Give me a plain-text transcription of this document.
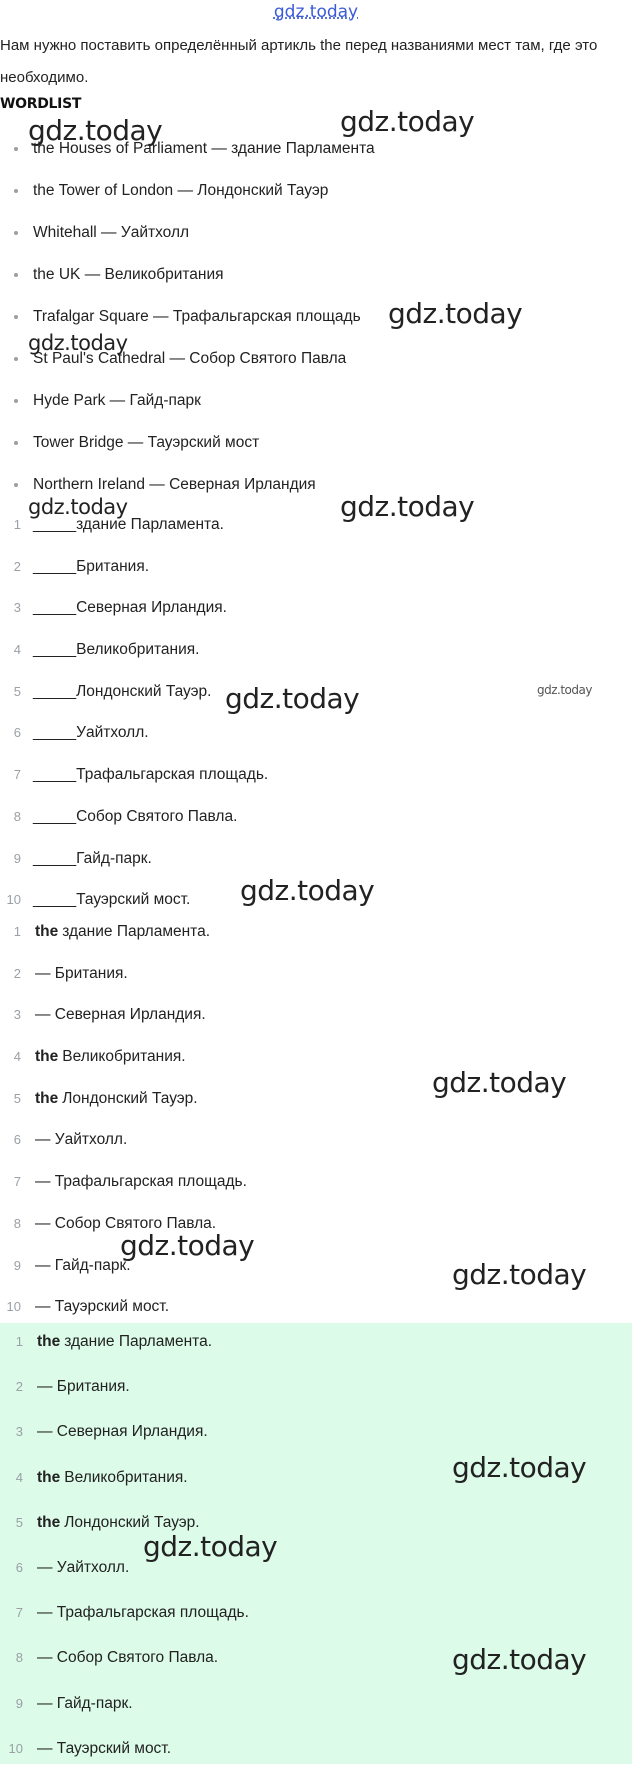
gdz.today
Нам нужно поставить определённый артикль the перед названиями мест там, где это необходимо.
WORDLIST
the Houses of Parliament — здание Парламента
the Tower of London — Лондонский Тауэр
Whitehall — Уайтхолл
the UK — Великобритания
Trafalgar Square — Трафальгарская площадь
St Paul's Cathedral — Собор Святого Павла
Hyde Park — Гайд-парк
Tower Bridge — Тауэрский мост
Northern Ireland — Северная Ирландия
1 _____здание Парламента.
2 _____Британия.
3 _____Северная Ирландия.
4 _____Великобритания.
5 _____Лондонский Тауэр.
6 _____Уайтхолл.
7 _____Трафальгарская площадь.
8 _____Собор Святого Павла.
9 _____Гайд-парк.
10 _____Тауэрский мост.
1 the здание Парламента.
2 — Британия.
3 — Северная Ирландия.
4 the Великобритания.
5 the Лондонский Тауэр.
6 — Уайтхолл.
7 — Трафальгарская площадь.
8 — Собор Святого Павла.
9 — Гайд-парк.
10 — Тауэрский мост.
1 the здание Парламента.
2 — Британия.
3 — Северная Ирландия.
4 the Великобритания.
5 the Лондонский Тауэр.
6 — Уайтхолл.
7 — Трафальгарская площадь.
8 — Собор Святого Павла.
9 — Гайд-парк.
10 — Тауэрский мост.
gdz.today	gdz.today
gdz.today
gdz.today
gdz.today	gdz.today
gdz.today	gdz.today
gdz.today
gdz.today
gdz.today
gdz.today
gdz.today
gdz.today
gdz.today
